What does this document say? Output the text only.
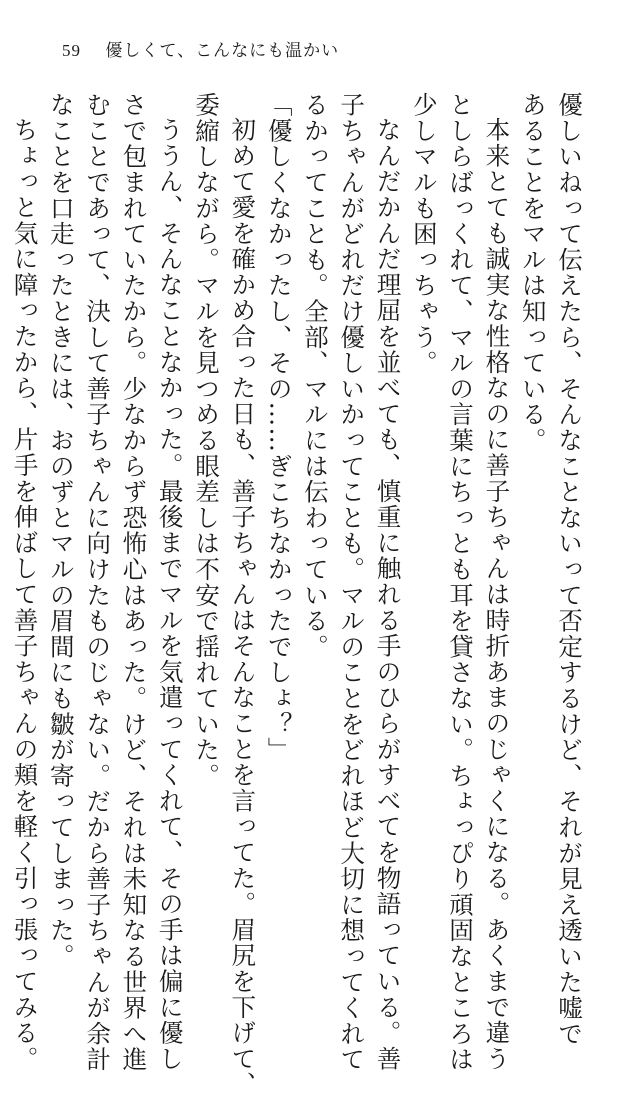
59 優しくて、こんなにも温かい
優しいねって伝えたら、そんなことないって否定するけど、それが見え透いた嘘で
あることをマルは知っている。
本来とても誠実な性格なのに善子ちゃんは時折あまのじゃくになる。あくまで違う
としらばっくれて、マルの言葉にちっとも耳を貸さない。ちょっぴり頑固なところは
少しマルも困っちゃう。
なんだかんだ理屈を並べても、慎重に触れる手のひらがすべてを物語っている。善
子ちゃんがどれだけ優しいかってことも。マルのことをどれほど大切に想ってくれて
るかってことも。全部、マルには伝わっている。
「優しくなかったし、その……ぎこちなかったでしょ？」
初めて愛を確かめ合った日も、善子ちゃんはそんなことを言ってた。眉尻を下げて、
委縮しながら。マルを見つめる眼差しは不安で揺れていた。
ううん、そんなことなかった。最後までマルを気遣ってくれて、その手は偏に優し
さで包まれていたから。少なからず恐怖心はあった。けど、それは未知なる世界へ進
むことであって、決して善子ちゃんに向けたものじゃない。だから善子ちゃんが余計
なことを口走ったときには、おのずとマルの眉間にも皺が寄ってしまった。
ちょっと気に障ったから、片手を伸ばして善子ちゃんの頬を軽く引っ張ってみる。
